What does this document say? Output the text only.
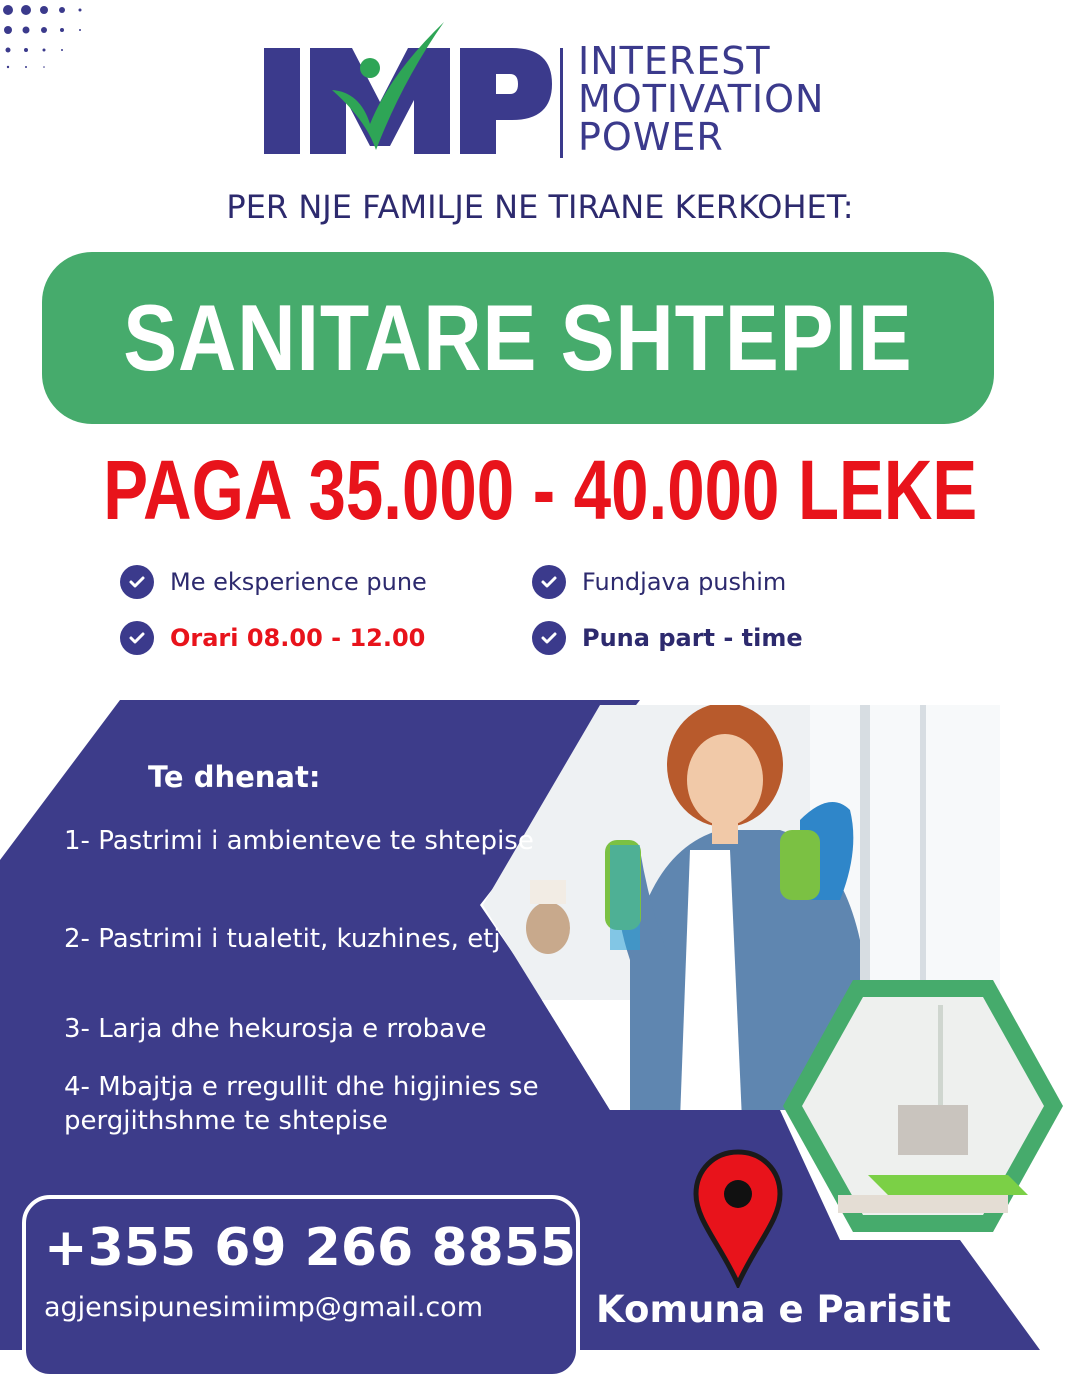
INTEREST
MOTIVATION
POWER
PER NJE FAMILJE NE TIRANE KERKOHET:
SANITARE SHTEPIE
PAGA 35.000 - 40.000 LEKE
Me eksperience pune	Fundjava pushim
Orari 08.00 - 12.00	Puna part - time
Te dhenat:
1- Pastrimi i ambienteve te shtepise
2- Pastrimi i tualetit, kuzhines, etj
3- Larja dhe hekurosja e rrobave
4- Mbajtja e rregullit dhe higjinies se pergjithshme te shtepise
+355 69 266 8855
agjensipunesimiimp@gmail.com	Komuna e Parisit
